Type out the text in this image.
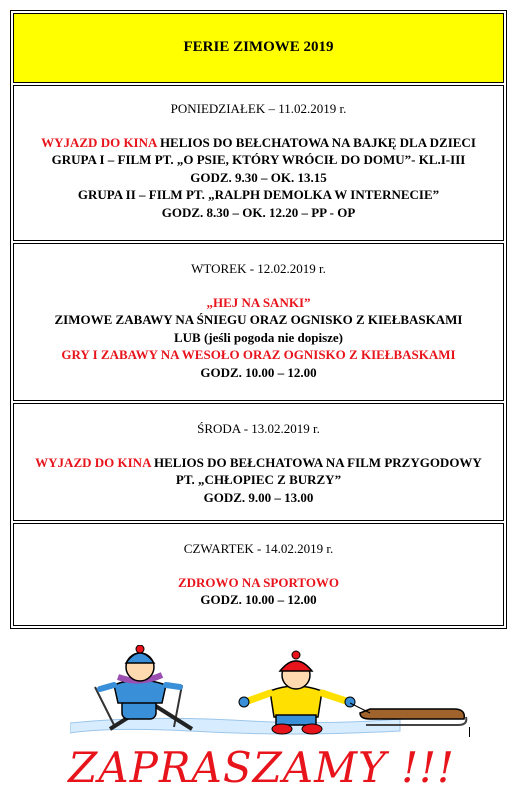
FERIE ZIMOWE 2019
PONIEDZIAŁEK – 11.02.2019 r.
WYJAZD DO KINA HELIOS DO BEŁCHATOWA NA BAJKĘ DLA DZIECI
GRUPA I – FILM PT. „O PSIE, KTÓRY WRÓCIŁ DO DOMU”- KL.I-III
GODZ. 9.30 – OK. 13.15
GRUPA II – FILM PT. „RALPH DEMOLKA W INTERNECIE”
GODZ. 8.30 – OK. 12.20 – PP - OP
WTOREK - 12.02.2019 r.
„HEJ NA SANKI”
ZIMOWE ZABAWY NA ŚNIEGU ORAZ OGNISKO Z KIEŁBASKAMI
LUB (jeśli pogoda nie dopisze)
GRY I ZABAWY NA WESOŁO ORAZ OGNISKO Z KIEŁBASKAMI
GODZ. 10.00 – 12.00
ŚRODA - 13.02.2019 r.
WYJAZD DO KINA HELIOS DO BEŁCHATOWA NA FILM PRZYGODOWY
PT. „CHŁOPIEC Z BURZY”
GODZ. 9.00 – 13.00
CZWARTEK - 14.02.2019 r.
ZDROWO NA SPORTOWO
GODZ. 10.00 – 12.00
ZAPRASZAMY !!!
